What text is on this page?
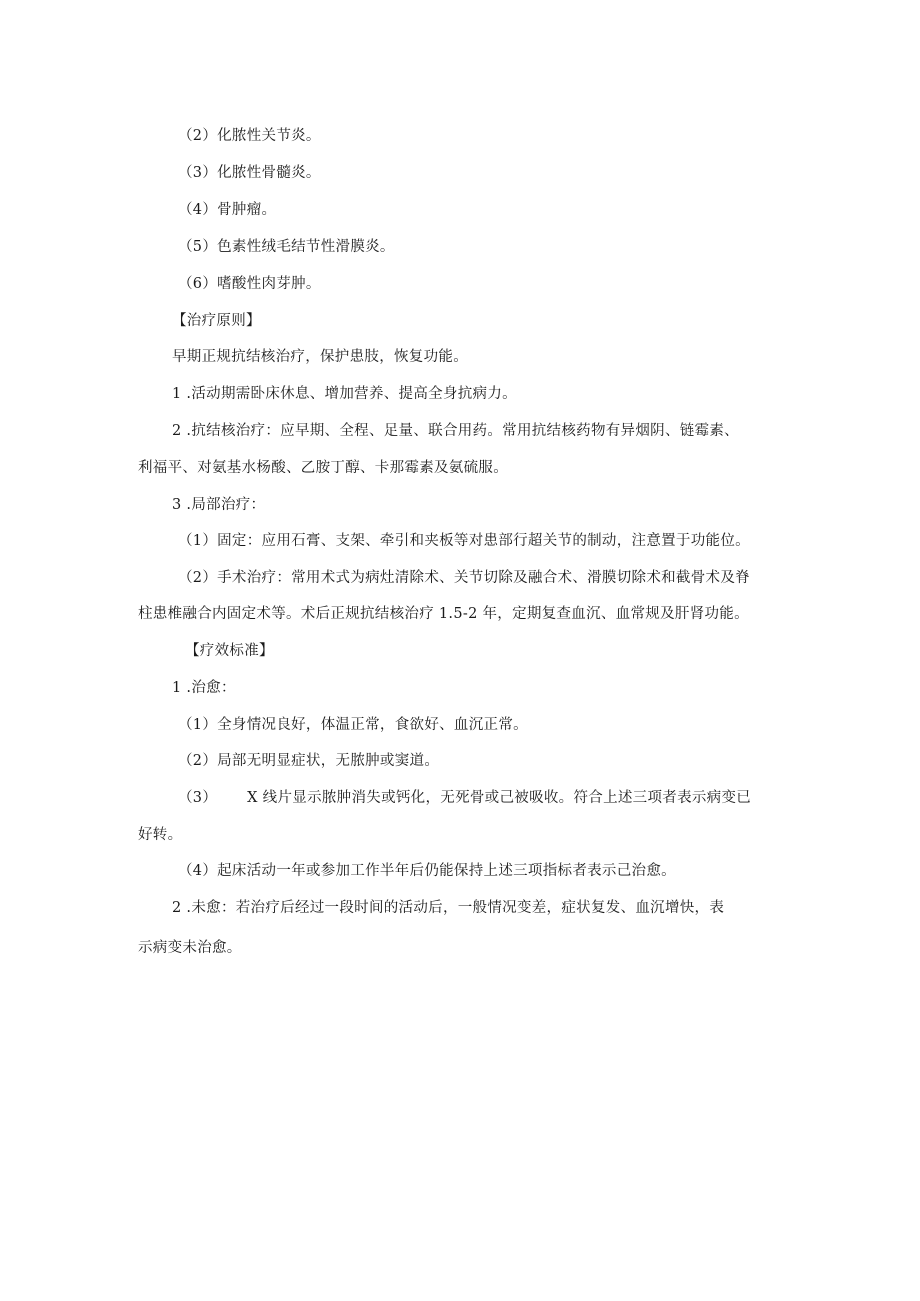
（2）化脓性关节炎。
（3）化脓性骨髓炎。
（4）骨肿瘤。
（5）色素性绒毛结节性滑膜炎。
（6）嗜酸性肉芽肿。
【治疗原则】
早期正规抗结核治疗，保护患肢，恢复功能。
1 .活动期需卧床休息、增加营养、提高全身抗病力。
2 .抗结核治疗：应早期、全程、足量、联合用药。常用抗结核药物有异烟阴、链霉素、
利福平、对氨基水杨酸、乙胺丁醇、卡那霉素及氨硫服。
3 .局部治疗：
（1）固定：应用石膏、支架、牵引和夹板等对患部行超关节的制动，注意置于功能位。
（2）手术治疗：常用术式为病灶清除术、关节切除及融合术、滑膜切除术和截骨术及脊
柱患椎融合内固定术等。术后正规抗结核治疗 1.5-2 年，定期复查血沉、血常规及肝肾功能。
【疗效标准】
1 .治愈：
（1）全身情况良好，体温正常，食欲好、血沉正常。
（2）局部无明显症状，无脓肿或窦道。
（3） X 线片显示脓肿消失或钙化，无死骨或己被吸收。符合上述三项者表示病变已
好转。
（4）起床活动一年或参加工作半年后仍能保持上述三项指标者表示己治愈。
2 .未愈：若治疗后经过一段时间的活动后，一般情况变差，症状复发、血沉增快，表
示病变未治愈。
